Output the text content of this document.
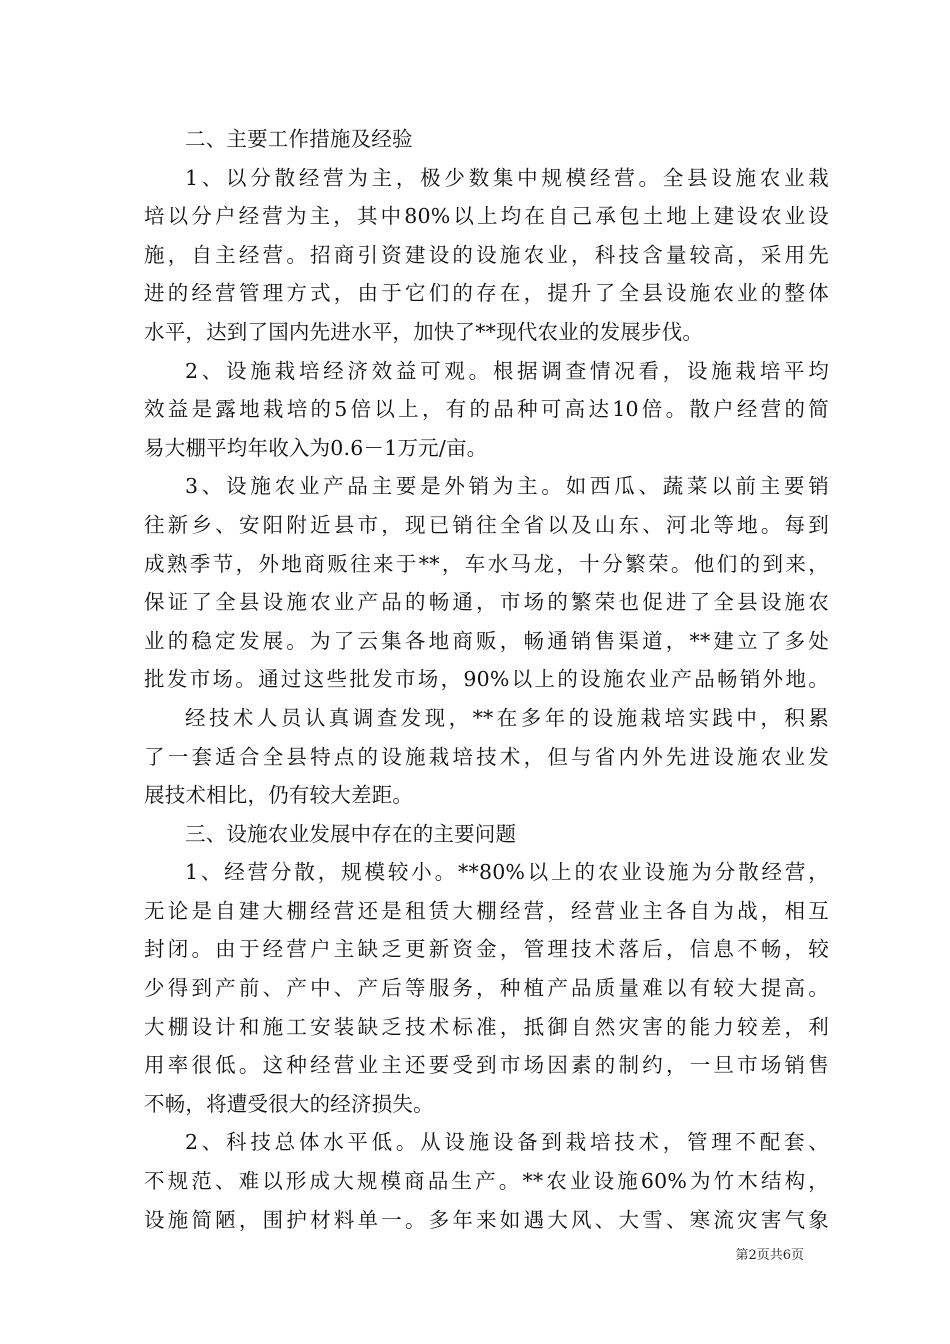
二、主要工作措施及经验
1、以分散经营为主，极少数集中规模经营。全县设施农业栽
培以分户经营为主，其中80%以上均在自己承包土地上建设农业设
施，自主经营。招商引资建设的设施农业，科技含量较高，采用先
进的经营管理方式，由于它们的存在，提升了全县设施农业的整体
水平，达到了国内先进水平，加快了**现代农业的发展步伐。
2、设施栽培经济效益可观。根据调查情况看，设施栽培平均
效益是露地栽培的5倍以上，有的品种可高达10倍。散户经营的简
易大棚平均年收入为0.6－1万元/亩。
3、设施农业产品主要是外销为主。如西瓜、蔬菜以前主要销
往新乡、安阳附近县市，现已销往全省以及山东、河北等地。每到
成熟季节，外地商贩往来于**，车水马龙，十分繁荣。他们的到来，
保证了全县设施农业产品的畅通，市场的繁荣也促进了全县设施农
业的稳定发展。为了云集各地商贩，畅通销售渠道，**建立了多处
批发市场。通过这些批发市场，90%以上的设施农业产品畅销外地。
经技术人员认真调查发现，**在多年的设施栽培实践中，积累
了一套适合全县特点的设施栽培技术，但与省内外先进设施农业发
展技术相比，仍有较大差距。
三、设施农业发展中存在的主要问题
1、经营分散，规模较小。**80%以上的农业设施为分散经营，
无论是自建大棚经营还是租赁大棚经营，经营业主各自为战，相互
封闭。由于经营户主缺乏更新资金，管理技术落后，信息不畅，较
少得到产前、产中、产后等服务，种植产品质量难以有较大提高。
大棚设计和施工安装缺乏技术标准，抵御自然灾害的能力较差，利
用率很低。这种经营业主还要受到市场因素的制约，一旦市场销售
不畅，将遭受很大的经济损失。
2、科技总体水平低。从设施设备到栽培技术，管理不配套、
不规范、难以形成大规模商品生产。**农业设施60%为竹木结构，
设施简陋，围护材料单一。多年来如遇大风、大雪、寒流灾害气象
第2页共6页
